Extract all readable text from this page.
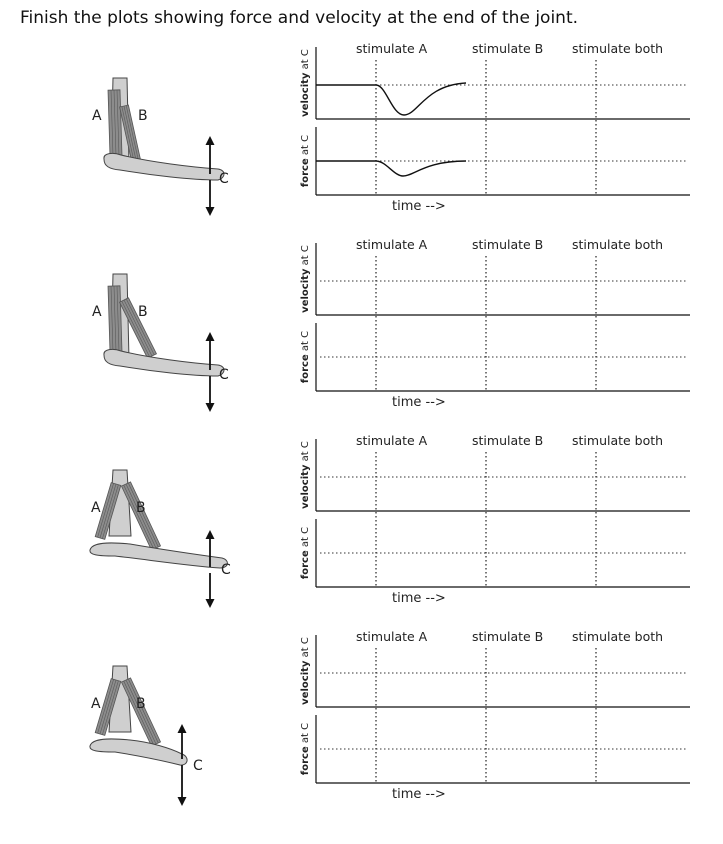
Finish the plots showing force and velocity at the end of the joint.
A	B
C
stimulate A	stimulate B stimulate both
velocity at C
force at C
time -->
A	B
C
stimulate A	stimulate B stimulate both
velocity at C
force at C
time -->
A	B
C
stimulate A	stimulate B stimulate both
velocity at C
force at C
time -->
A	B
C
stimulate A	stimulate B stimulate both
velocity at C
force at C
time -->
